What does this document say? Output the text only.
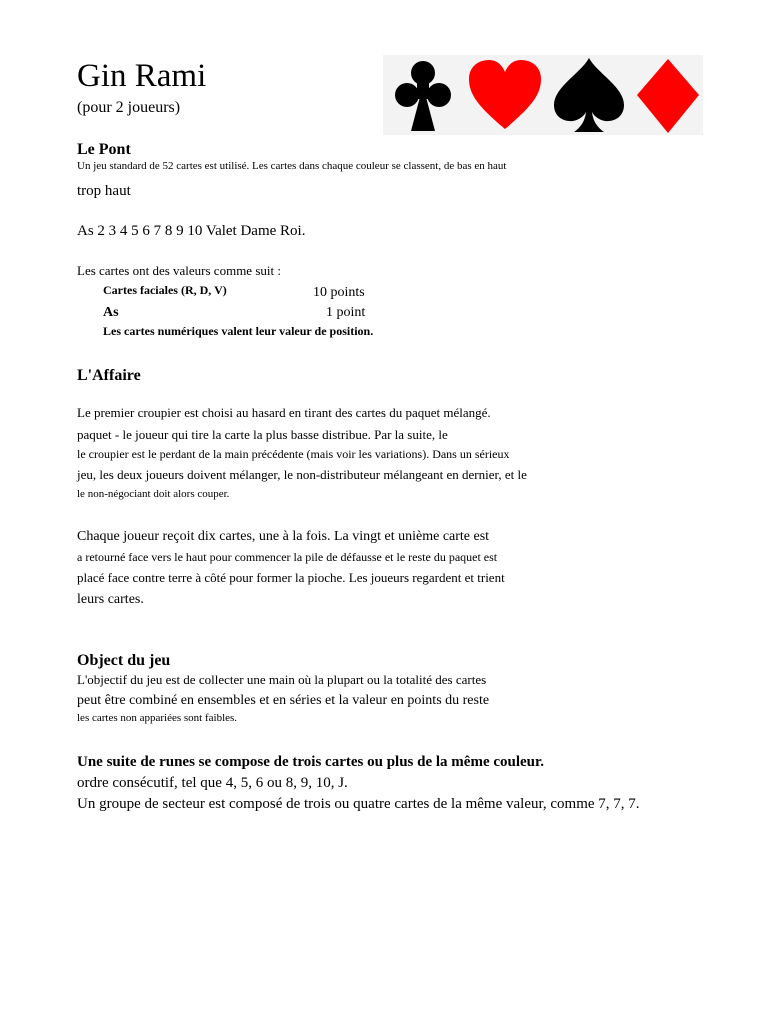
Gin Rami

(pour 2 joueurs)

Le Pont

Un jeu standard de 52 cartes est utilisé. Les cartes dans chaque couleur se classent, de bas en haut

trop haut

As 2 3 4 5 6 7 8 9 10 Valet Dame Roi.

Les cartes ont des valeurs comme suit :

Cartes faciales (R, D, V)	10 points

As	1 point

Les cartes numériques valent leur valeur de position.

L'Affaire

Le premier croupier est choisi au hasard en tirant des cartes du paquet mélangé.

paquet - le joueur qui tire la carte la plus basse distribue. Par la suite, le

le croupier est le perdant de la main précédente (mais voir les variations). Dans un sérieux

jeu, les deux joueurs doivent mélanger, le non-distributeur mélangeant en dernier, et le

le non-négociant doit alors couper.

Chaque joueur reçoit dix cartes, une à la fois. La vingt et unième carte est

a retourné face vers le haut pour commencer la pile de défausse et le reste du paquet est

placé face contre terre à côté pour former la pioche. Les joueurs regardent et trient

leurs cartes.

Object du jeu

L'objectif du jeu est de collecter une main où la plupart ou la totalité des cartes

peut être combiné en ensembles et en séries et la valeur en points du reste

les cartes non appariées sont faibles.

Une suite de runes se compose de trois cartes ou plus de la même couleur.

ordre consécutif, tel que 4, 5, 6 ou 8, 9, 10, J.

Un groupe de secteur est composé de trois ou quatre cartes de la même valeur, comme 7, 7, 7.
